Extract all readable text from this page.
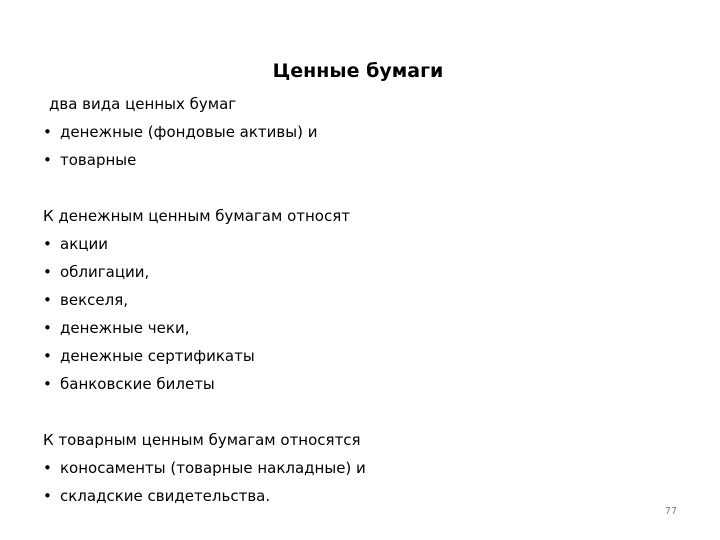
Ценные бумаги
два вида ценных бумаг
• денежные (фондовые активы) и
• товарные
К денежным ценным бумагам относят
• акции
• облигации,
• векселя,
• денежные чеки,
• денежные сертификаты
• банковские билеты
К товарным ценным бумагам относятся
• коносаменты (товарные накладные) и
• складские свидетельства.
77
